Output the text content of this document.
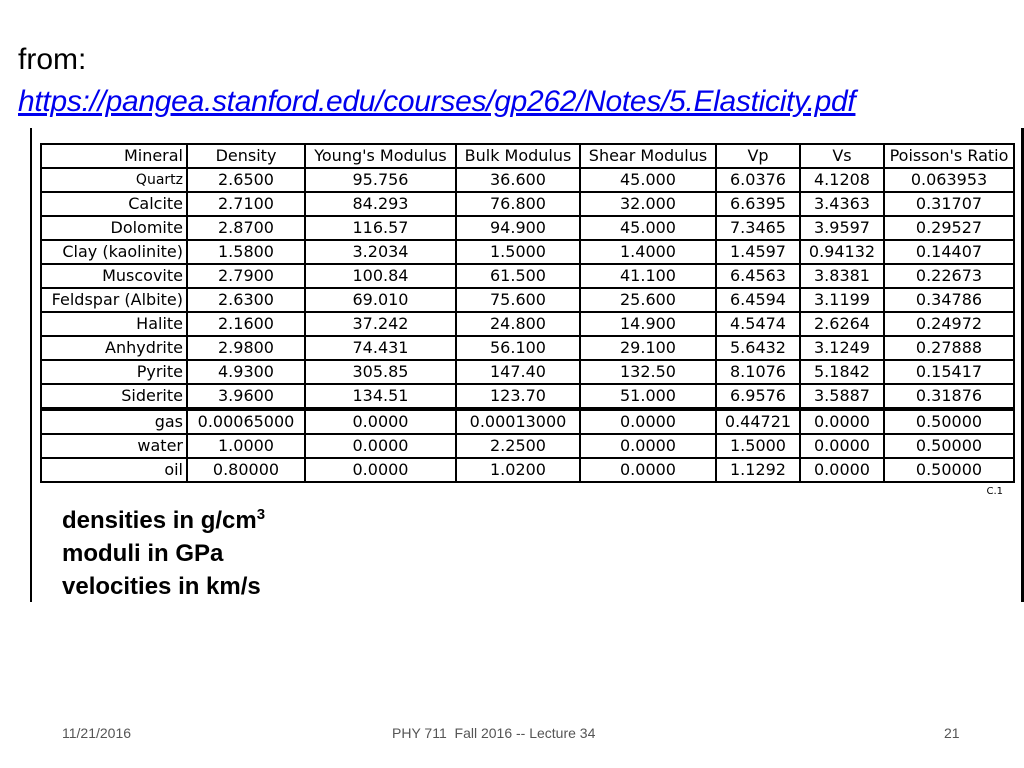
from:
https://pangea.stanford.edu/courses/gp262/Notes/5.Elasticity.pdf
Mineral	Density	Young's Modulus	Bulk Modulus	Shear Modulus	Vp	Vs	Poisson's Ratio
Quartz	2.6500	95.756	36.600	45.000	6.0376	4.1208	0.063953
Calcite	2.7100	84.293	76.800	32.000	6.6395	3.4363	0.31707
Dolomite	2.8700	116.57	94.900	45.000	7.3465	3.9597	0.29527
Clay (kaolinite)	1.5800	3.2034	1.5000	1.4000	1.4597	0.94132	0.14407
Muscovite	2.7900	100.84	61.500	41.100	6.4563	3.8381	0.22673
Feldspar (Albite)	2.6300	69.010	75.600	25.600	6.4594	3.1199	0.34786
Halite	2.1600	37.242	24.800	14.900	4.5474	2.6264	0.24972
Anhydrite	2.9800	74.431	56.100	29.100	5.6432	3.1249	0.27888
Pyrite	4.9300	305.85	147.40	132.50	8.1076	5.1842	0.15417
Siderite	3.9600	134.51	123.70	51.000	6.9576	3.5887	0.31876
gas	0.00065000	0.0000	0.00013000	0.0000	0.44721	0.0000	0.50000
water	1.0000	0.0000	2.2500	0.0000	1.5000	0.0000	0.50000
oil	0.80000	0.0000	1.0200	0.0000	1.1292	0.0000	0.50000
C.1
densities in $g/cm^3$
moduli in GPa
velocities in km/s
11/21/2016	PHY 711  Fall 2016 -- Lecture 34	21
